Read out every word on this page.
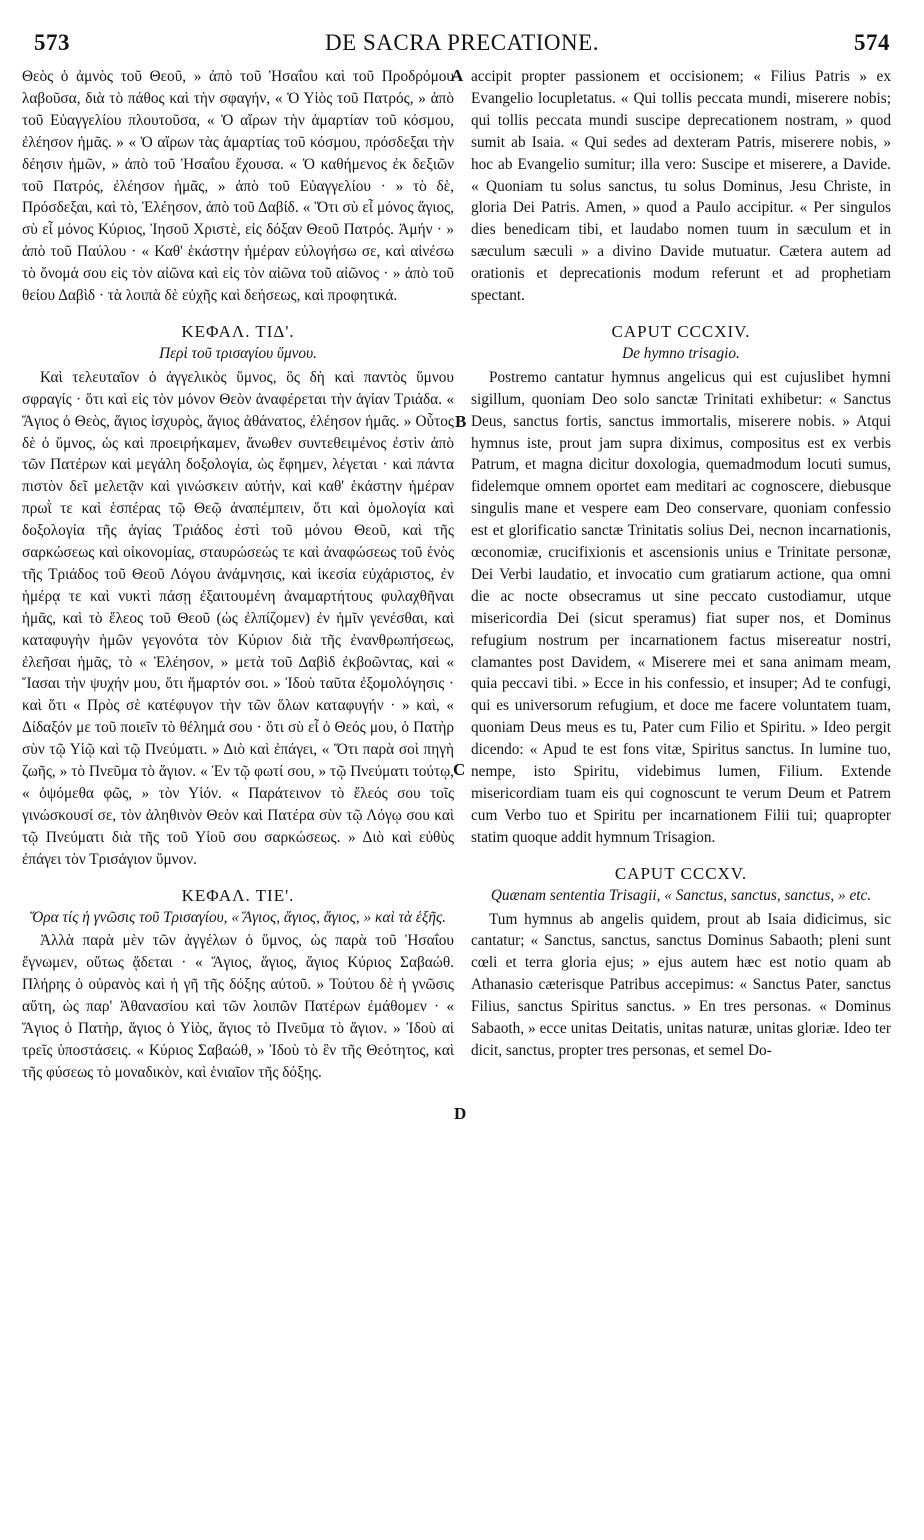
573	DE SACRA PRECATIONE.	574

Θεὸς ὁ ἀμνὸς τοῦ Θεοῦ, » ἀπὸ τοῦ Ἡσαΐου καὶ τοῦ Προδρόμου λαβοῦσα, διὰ τὸ πάθος καὶ τὴν σφαγήν, « Ὁ Υἱὸς τοῦ Πατρός, » ἀπὸ τοῦ Εὐαγγελίου πλουτοῦσα, « Ὁ αἴρων τὴν ἁμαρτίαν τοῦ κόσμου, ἐλέησον ἡμᾶς. » « Ὁ αἴρων τὰς ἁμαρτίας τοῦ κόσμου, πρόσδεξαι τὴν δέησιν ἡμῶν, » ἀπὸ τοῦ Ἡσαΐου ἔχουσα. « Ὁ καθήμενος ἐκ δεξιῶν τοῦ Πατρός, ἐλέησον ἡμᾶς, » ἀπὸ τοῦ Εὐαγγελίου · » τὸ δὲ, Πρόσδεξαι, καὶ τὸ, Ἐλέησον, ἀπὸ τοῦ Δαβίδ. « Ὅτι σὺ εἶ μόνος ἅγιος, σὺ εἶ μόνος Κύριος, Ἰησοῦ Χριστὲ, εἰς δόξαν Θεοῦ Πατρός. Ἀμήν · » ἀπὸ τοῦ Παύλου · « Καθ' ἑκάστην ἡμέραν εὐλογήσω σε, καὶ αἰνέσω τὸ ὄνομά σου εἰς τὸν αἰῶνα καὶ εἰς τὸν αἰῶνα τοῦ αἰῶνος · » ἀπὸ τοῦ θείου Δαβὶδ · τὰ λοιπὰ δὲ εὐχῆς καὶ δεήσεως, καὶ προφητικά.

ΚΕΦΑΛ. ΤΙΔ'.
Περὶ τοῦ τρισαγίου ὕμνου.

Καὶ τελευταῖον ὁ ἀγγελικὸς ὕμνος, ὃς δὴ καὶ παντὸς ὕμνου σφραγίς · ὅτι καὶ εἰς τὸν μόνον Θεὸν ἀναφέρεται τὴν ἁγίαν Τριάδα. « Ἅγιος ὁ Θεὸς, ἅγιος ἰσχυρὸς, ἅγιος ἀθάνατος, ἐλέησον ἡμᾶς. » Οὗτος δὲ ὁ ὕμνος, ὡς καὶ προειρήκαμεν, ἄνωθεν συντεθειμένος ἐστὶν ἀπὸ τῶν Πατέρων καὶ μεγάλη δοξολογία, ὡς ἔφημεν, λέγεται · καὶ πάντα πιστὸν δεῖ μελετᾷν καὶ γινώσκειν αὐτήν, καὶ καθ' ἑκάστην ἡμέραν πρωῒ τε καὶ ἑσπέρας τῷ Θεῷ ἀναπέμπειν, ὅτι καὶ ὁμολογία καὶ δοξολογία τῆς ἁγίας Τριάδος ἐστὶ τοῦ μόνου Θεοῦ, καὶ τῆς σαρκώσεως καὶ οἰκονομίας, σταυρώσεώς τε καὶ ἀναφώσεως τοῦ ἑνὸς τῆς Τριάδος τοῦ Θεοῦ Λόγου ἀνάμνησις, καὶ ἱκεσία εὐχάριστος, ἐν ἡμέρᾳ τε καὶ νυκτὶ πάσῃ ἐξαιτουμένη ἀναμαρτήτους φυλαχθῆναι ἡμᾶς, καὶ τὸ ἔλεος τοῦ Θεοῦ (ὡς ἐλπίζομεν) ἐν ἡμῖν γενέσθαι, καὶ καταφυγὴν ἡμῶν γεγονότα τὸν Κύριον διὰ τῆς ἐνανθρωπήσεως, ἐλεῆσαι ἡμᾶς, τὸ « Ἐλέησον, » μετὰ τοῦ Δαβὶδ ἐκβοῶντας, καὶ « Ἴασαι τὴν ψυχήν μου, ὅτι ἥμαρτόν σοι. » Ἰδοὺ ταῦτα ἐξομολόγησις · καὶ ὅτι « Πρὸς σὲ κατέφυγον τὴν τῶν ὅλων καταφυγήν · » καὶ, « Δίδαξόν με τοῦ ποιεῖν τὸ θέλημά σου · ὅτι σὺ εἶ ὁ Θεός μου, ὁ Πατὴρ σὺν τῷ Υἱῷ καὶ τῷ Πνεύματι. » Διὸ καὶ ἐπάγει, « Ὅτι παρὰ σοὶ πηγὴ ζωῆς, » τὸ Πνεῦμα τὸ ἅγιον. « Ἐν τῷ φωτί σου, » τῷ Πνεύματι τούτῳ, « ὀψόμεθα φῶς, » τὸν Υἱόν. « Παράτεινον τὸ ἔλεός σου τοῖς γινώσκουσί σε, τὸν ἀληθινὸν Θεὸν καὶ Πατέρα σὺν τῷ Λόγῳ σου καὶ τῷ Πνεύματι διὰ τῆς τοῦ Υἱοῦ σου σαρκώσεως. » Διὸ καὶ εὐθὺς ἐπάγει τὸν Τρισάγιον ὕμνον.

ΚΕΦΑΛ. ΤΙΕ'.
Ὅρα τίς ἡ γνῶσις τοῦ Τρισαγίου, « Ἅγιος, ἅγιος, ἅγιος, » καὶ τὰ ἑξῆς.

Ἀλλὰ παρὰ μὲν τῶν ἀγγέλων ὁ ὕμνος, ὡς παρὰ τοῦ Ἡσαΐου ἔγνωμεν, οὕτως ᾄδεται · « Ἅγιος, ἅγιος, ἅγιος Κύριος Σαβαώθ. Πλήρης ὁ οὐρανὸς καὶ ἡ γῆ τῆς δόξης αὐτοῦ. » Τούτου δὲ ἡ γνῶσις αὕτη, ὡς παρ' Ἀθανασίου καὶ τῶν λοιπῶν Πατέρων ἐμάθομεν · « Ἅγιος ὁ Πατὴρ, ἅγιος ὁ Υἱὸς, ἅγιος τὸ Πνεῦμα τὸ ἅγιον. » Ἰδοὺ αἱ τρεῖς ὑποστάσεις. « Κύριος Σαβαώθ, » Ἰδοὺ τὸ ἓν τῆς Θεότητος, καὶ τῆς φύσεως τὸ μοναδικὸν, καὶ ἑνιαῖον τῆς δόξης.

A
B
C
D

accipit propter passionem et occisionem; « Filius Patris » ex Evangelio locupletatus. « Qui tollis peccata mundi, miserere nobis; qui tollis peccata mundi suscipe deprecationem nostram, » quod sumit ab Isaia. « Qui sedes ad dexteram Patris, miserere nobis, » hoc ab Evangelio sumitur; illa vero: Suscipe et miserere, a Davide. « Quoniam tu solus sanctus, tu solus Dominus, Jesu Christe, in gloria Dei Patris. Amen, » quod a Paulo accipitur. « Per singulos dies benedicam tibi, et laudabo nomen tuum in sæculum et in sæculum sæculi » a divino Davide mutuatur. Cætera autem ad orationis et deprecationis modum referunt et ad prophetiam spectant.

CAPUT CCCXIV.
De hymno trisagio.

Postremo cantatur hymnus angelicus qui est cujuslibet hymni sigillum, quoniam Deo solo sanctæ Trinitati exhibetur: « Sanctus Deus, sanctus fortis, sanctus immortalis, miserere nobis. » Atqui hymnus iste, prout jam supra diximus, compositus est ex verbis Patrum, et magna dicitur doxologia, quemadmodum locuti sumus, fidelemque omnem oportet eam meditari ac cognoscere, diebusque singulis mane et vespere eam Deo conservare, quoniam confessio est et glorificatio sanctæ Trinitatis solius Dei, necnon incarnationis, œconomiæ, crucifixionis et ascensionis unius e Trinitate personæ, Dei Verbi laudatio, et invocatio cum gratiarum actione, qua omni die ac nocte obsecramus ut sine peccato custodiamur, utque misericordia Dei (sicut speramus) fiat super nos, et Dominus refugium nostrum per incarnationem factus misereatur nostri, clamantes post Davidem, « Miserere mei et sana animam meam, quia peccavi tibi. » Ecce in his confessio, et insuper; Ad te confugi, qui es universorum refugium, et doce me facere voluntatem tuam, quoniam Deus meus es tu, Pater cum Filio et Spiritu. » Ideo pergit dicendo: « Apud te est fons vitæ, Spiritus sanctus. In lumine tuo, nempe, isto Spiritu, videbimus lumen, Filium. Extende misericordiam tuam eis qui cognoscunt te verum Deum et Patrem cum Verbo tuo et Spiritu per incarnationem Filii tui; quapropter statim quoque addit hymnum Trisagion.

CAPUT CCCXV.
Quænam sententia Trisagii, « Sanctus, sanctus, sanctus, » etc.

Tum hymnus ab angelis quidem, prout ab Isaia didicimus, sic cantatur; « Sanctus, sanctus, sanctus Dominus Sabaoth; pleni sunt cœli et terra gloria ejus; » ejus autem hæc est notio quam ab Athanasio cæterisque Patribus accepimus: « Sanctus Pater, sanctus Filius, sanctus Spiritus sanctus. » En tres personas. « Dominus Sabaoth, » ecce unitas Deitatis, unitas naturæ, unitas gloriæ. Ideo ter dicit, sanctus, propter tres personas, et semel Do-
